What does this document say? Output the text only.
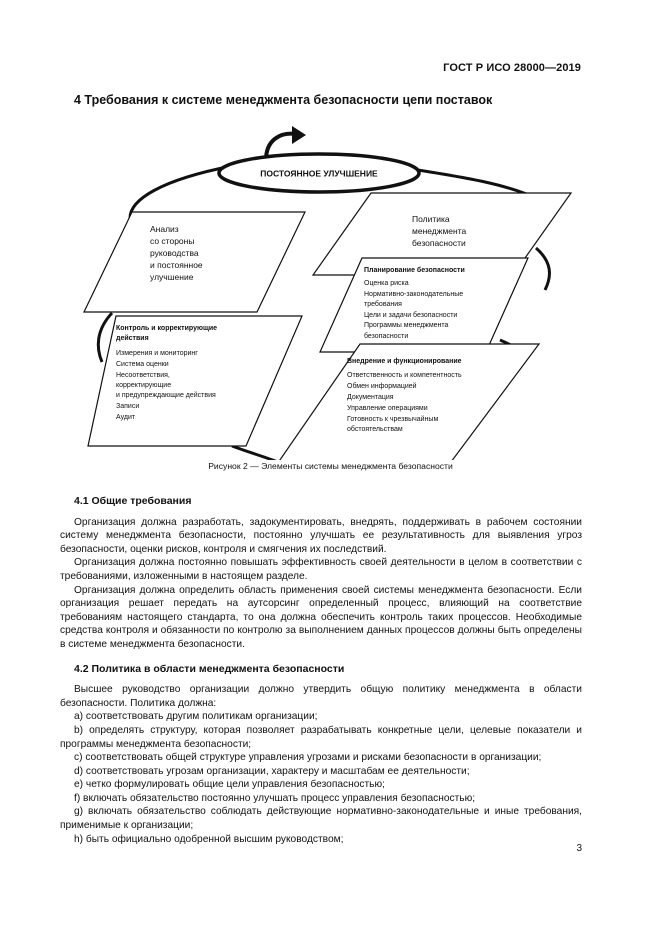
ГОСТ Р ИСО 28000—2019
4 Требования к системе менеджмента безопасности цепи поставок
ПОСТОЯННОЕ УЛУЧШЕНИЕ
Политика менеджмента безопасности
Анализ со стороны руководства и постоянное улучшение
Планирование безопасности
Оценка риска Нормативно-законодательные требования Цели и задачи безопасности Программы менеджмента безопасности
Контроль и корректирующие действия
Измерения и мониторинг Система оценки Несоответствия, корректирующие и предупреждающие действия Записи Аудит
Внедрение и функционирование
Ответственность и компетентность Обмен информацией Документация Управление операциями Готовность к чрезвычайным обстоятельствам
Рисунок 2 — Элементы системы менеджмента безопасности
4.1 Общие требования

Организация должна разработать, задокументировать, внедрять, поддерживать в рабочем состоянии систему менеджмента безопасности, постоянно улучшать ее результативность для выявления угроз безопасности, оценки рисков, контроля и смягчения их последствий.

Организация должна постоянно повышать эффективность своей деятельности в целом в соответствии с требованиями, изложенными в настоящем разделе.

Организация должна определить область применения своей системы менеджмента безопасности. Если организация решает передать на аутсорсинг определенный процесс, влияющий на соответствие требованиям настоящего стандарта, то она должна обеспечить контроль таких процессов. Необходимые средства контроля и обязанности по контролю за выполнением данных процессов должны быть определены в системе менеджмента безопасности.

4.2 Политика в области менеджмента безопасности

Высшее руководство организации должно утвердить общую политику менеджмента в области безопасности. Политика должна:

a) соответствовать другим политикам организации;

b) определять структуру, которая позволяет разрабатывать конкретные цели, целевые показатели и программы менеджмента безопасности;

c) соответствовать общей структуре управления угрозами и рисками безопасности в организации;

d) соответствовать угрозам организации, характеру и масштабам ее деятельности;

e) четко формулировать общие цели управления безопасностью;

f) включать обязательство постоянно улучшать процесс управления безопасностью;

g) включать обязательство соблюдать действующие нормативно-законодательные и иные требования, применимые к организации;

h) быть официально одобренной высшим руководством;

3
